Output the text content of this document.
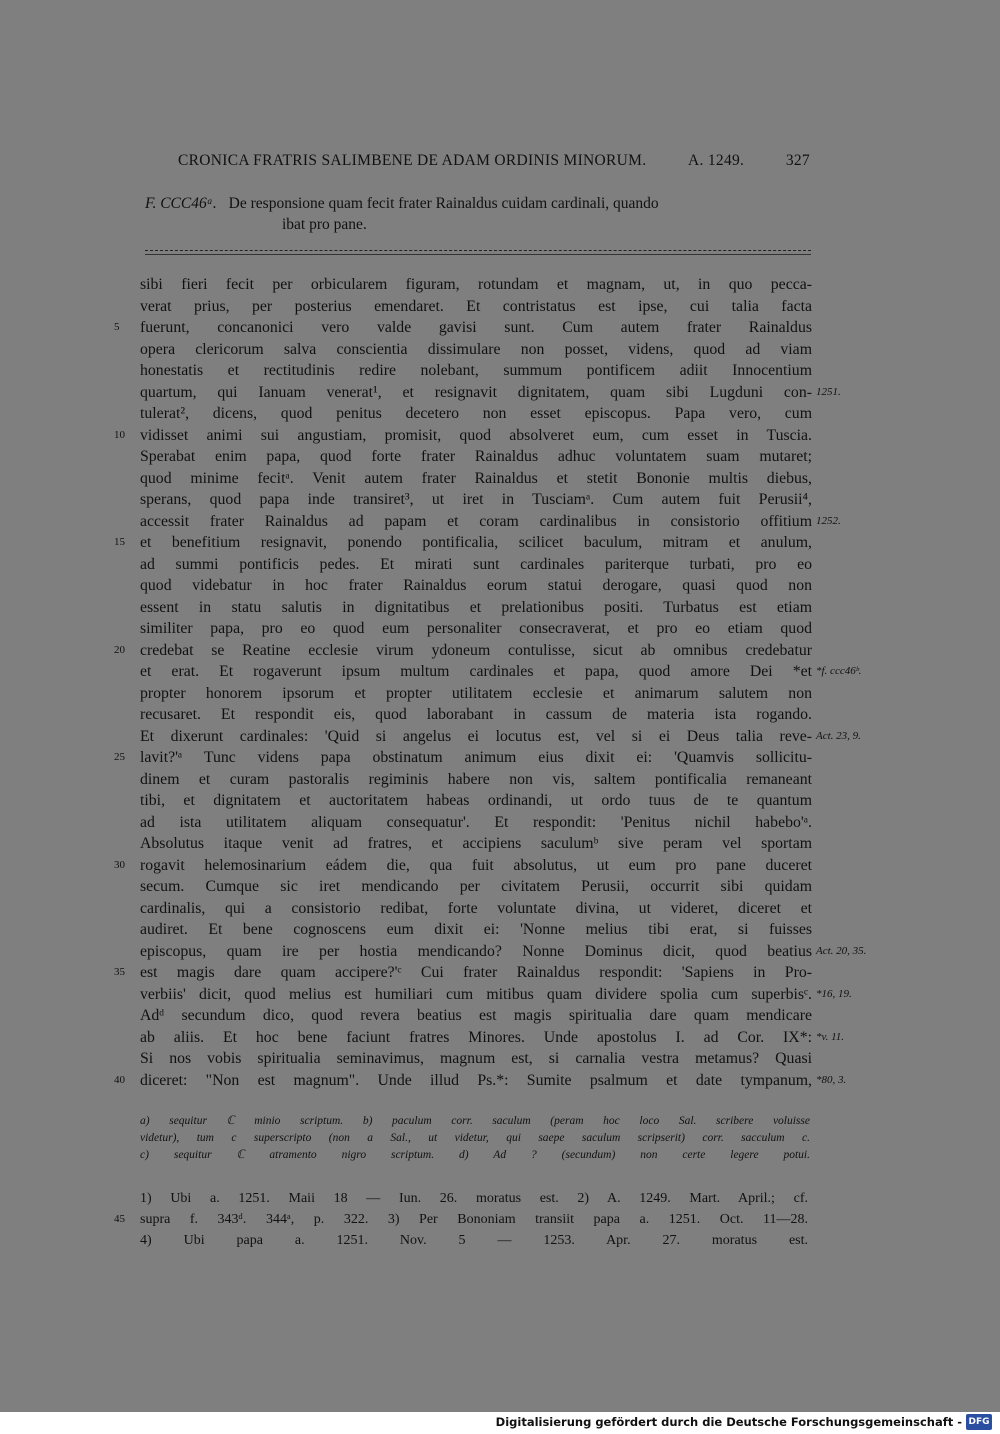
CRONICA FRATRIS SALIMBENE DE ADAM ORDINIS MINORUM.	A. 1249.	327
F. CCC46ᵃ. De responsione quam fecit frater Rainaldus cuidam cardinali, quando
ibat pro pane.
sibi fieri fecit per orbicularem figuram, rotundam et magnam, ut, in quo pecca-
verat prius, per posterius emendaret. Et contristatus est ipse, cui talia facta
5	fuerunt, concanonici vero valde gavisi sunt. Cum autem frater Rainaldus
opera clericorum salva conscientia dissimulare non posset, videns, quod ad viam
honestatis et rectitudinis redire nolebant, summum pontificem adiit Innocentium
quartum, qui Ianuam venerat¹, et resignavit dignitatem, quam sibi Lugduni con- 1251.
tulerat², dicens, quod penitus decetero non esset episcopus. Papa vero, cum
10 vidisset animi sui angustiam, promisit, quod absolveret eum, cum esset in Tuscia.
Sperabat enim papa, quod forte frater Rainaldus adhuc voluntatem suam mutaret;
quod minime fecitᵃ. Venit autem frater Rainaldus et stetit Bononie multis diebus,
sperans, quod papa inde transiret³, ut iret in Tusciamᵃ. Cum autem fuit Perusii⁴,
accessit frater Rainaldus ad papam et coram cardinalibus in consistorio offitium 1252.
15 et benefitium resignavit, ponendo pontificalia, scilicet baculum, mitram et anulum,
ad summi pontificis pedes. Et mirati sunt cardinales pariterque turbati, pro eo
quod videbatur in hoc frater Rainaldus eorum statui derogare, quasi quod non
essent in statu salutis in dignitatibus et prelationibus positi. Turbatus est etiam
similiter papa, pro eo quod eum personaliter consecraverat, et pro eo etiam quod
20 credebat se Reatine ecclesie virum ydoneum contulisse, sicut ab omnibus credebatur
et erat. Et rogaverunt ipsum multum cardinales et papa, quod amore Dei *et *f. ccc46ᵇ.
propter honorem ipsorum et propter utilitatem ecclesie et animarum salutem non
recusaret. Et respondit eis, quod laborabant in cassum de materia ista rogando.
Et dixerunt cardinales: 'Quid si angelus ei locutus est, vel si ei Deus talia reve- Act. 23, 9.
25 lavit?'ᵃ Tunc videns papa obstinatum animum eius dixit ei: 'Quamvis sollicitu-
dinem et curam pastoralis regiminis habere non vis, saltem pontificalia remaneant
tibi, et dignitatem et auctoritatem habeas ordinandi, ut ordo tuus de te quantum
ad ista utilitatem aliquam consequatur'. Et respondit: 'Penitus nichil habebo'ᵃ.
Absolutus itaque venit ad fratres, et accipiens saculumᵇ sive peram vel sportam
30 rogavit helemosinarium eádem die, qua fuit absolutus, ut eum pro pane duceret
secum. Cumque sic iret mendicando per civitatem Perusii, occurrit sibi quidam
cardinalis, qui a consistorio redibat, forte voluntate divina, ut videret, diceret et
audiret. Et bene cognoscens eum dixit ei: 'Nonne melius tibi erat, si fuisses
episcopus, quam ire per hostia mendicando? Nonne Dominus dicit, quod beatius Act. 20, 35.
35 est magis dare quam accipere?'ᶜ Cui frater Rainaldus respondit: 'Sapiens in Pro-
verbiis' dicit, quod melius est humiliari cum mitibus quam dividere spolia cum superbisᶜ. *16, 19.
Adᵈ secundum dico, quod revera beatius est magis spiritualia dare quam mendicare
ab aliis. Et hoc bene faciunt fratres Minores. Unde apostolus I. ad Cor. IX*: *v. 11.
Si nos vobis spiritualia seminavimus, magnum est, si carnalia vestra metamus? Quasi
40 diceret: "Non est magnum". Unde illud Ps.*: Sumite psalmum et date tympanum, *80, 3.
a) sequitur ℂ minio scriptum. b) paculum corr. saculum (peram hoc loco Sal. scribere voluisse
videtur), tum c superscripto (non a Sal., ut videtur, qui saepe saculum scripserit) corr. sacculum c.
c) sequitur ℂ atramento nigro scriptum. d) Ad ? (secundum) non certe legere potui.
1) Ubi a. 1251. Maii 18 — Iun. 26. moratus est. 2) A. 1249. Mart. April.; cf.
45	supra f. 343ᵈ. 344ᵃ, p. 322. 3) Per Bononiam transiit papa a. 1251. Oct. 11—28.
4) Ubi papa a. 1251. Nov. 5 — 1253. Apr. 27. moratus est.
Digitalisierung gefördert durch die Deutsche Forschungsgemeinschaft - DFG
